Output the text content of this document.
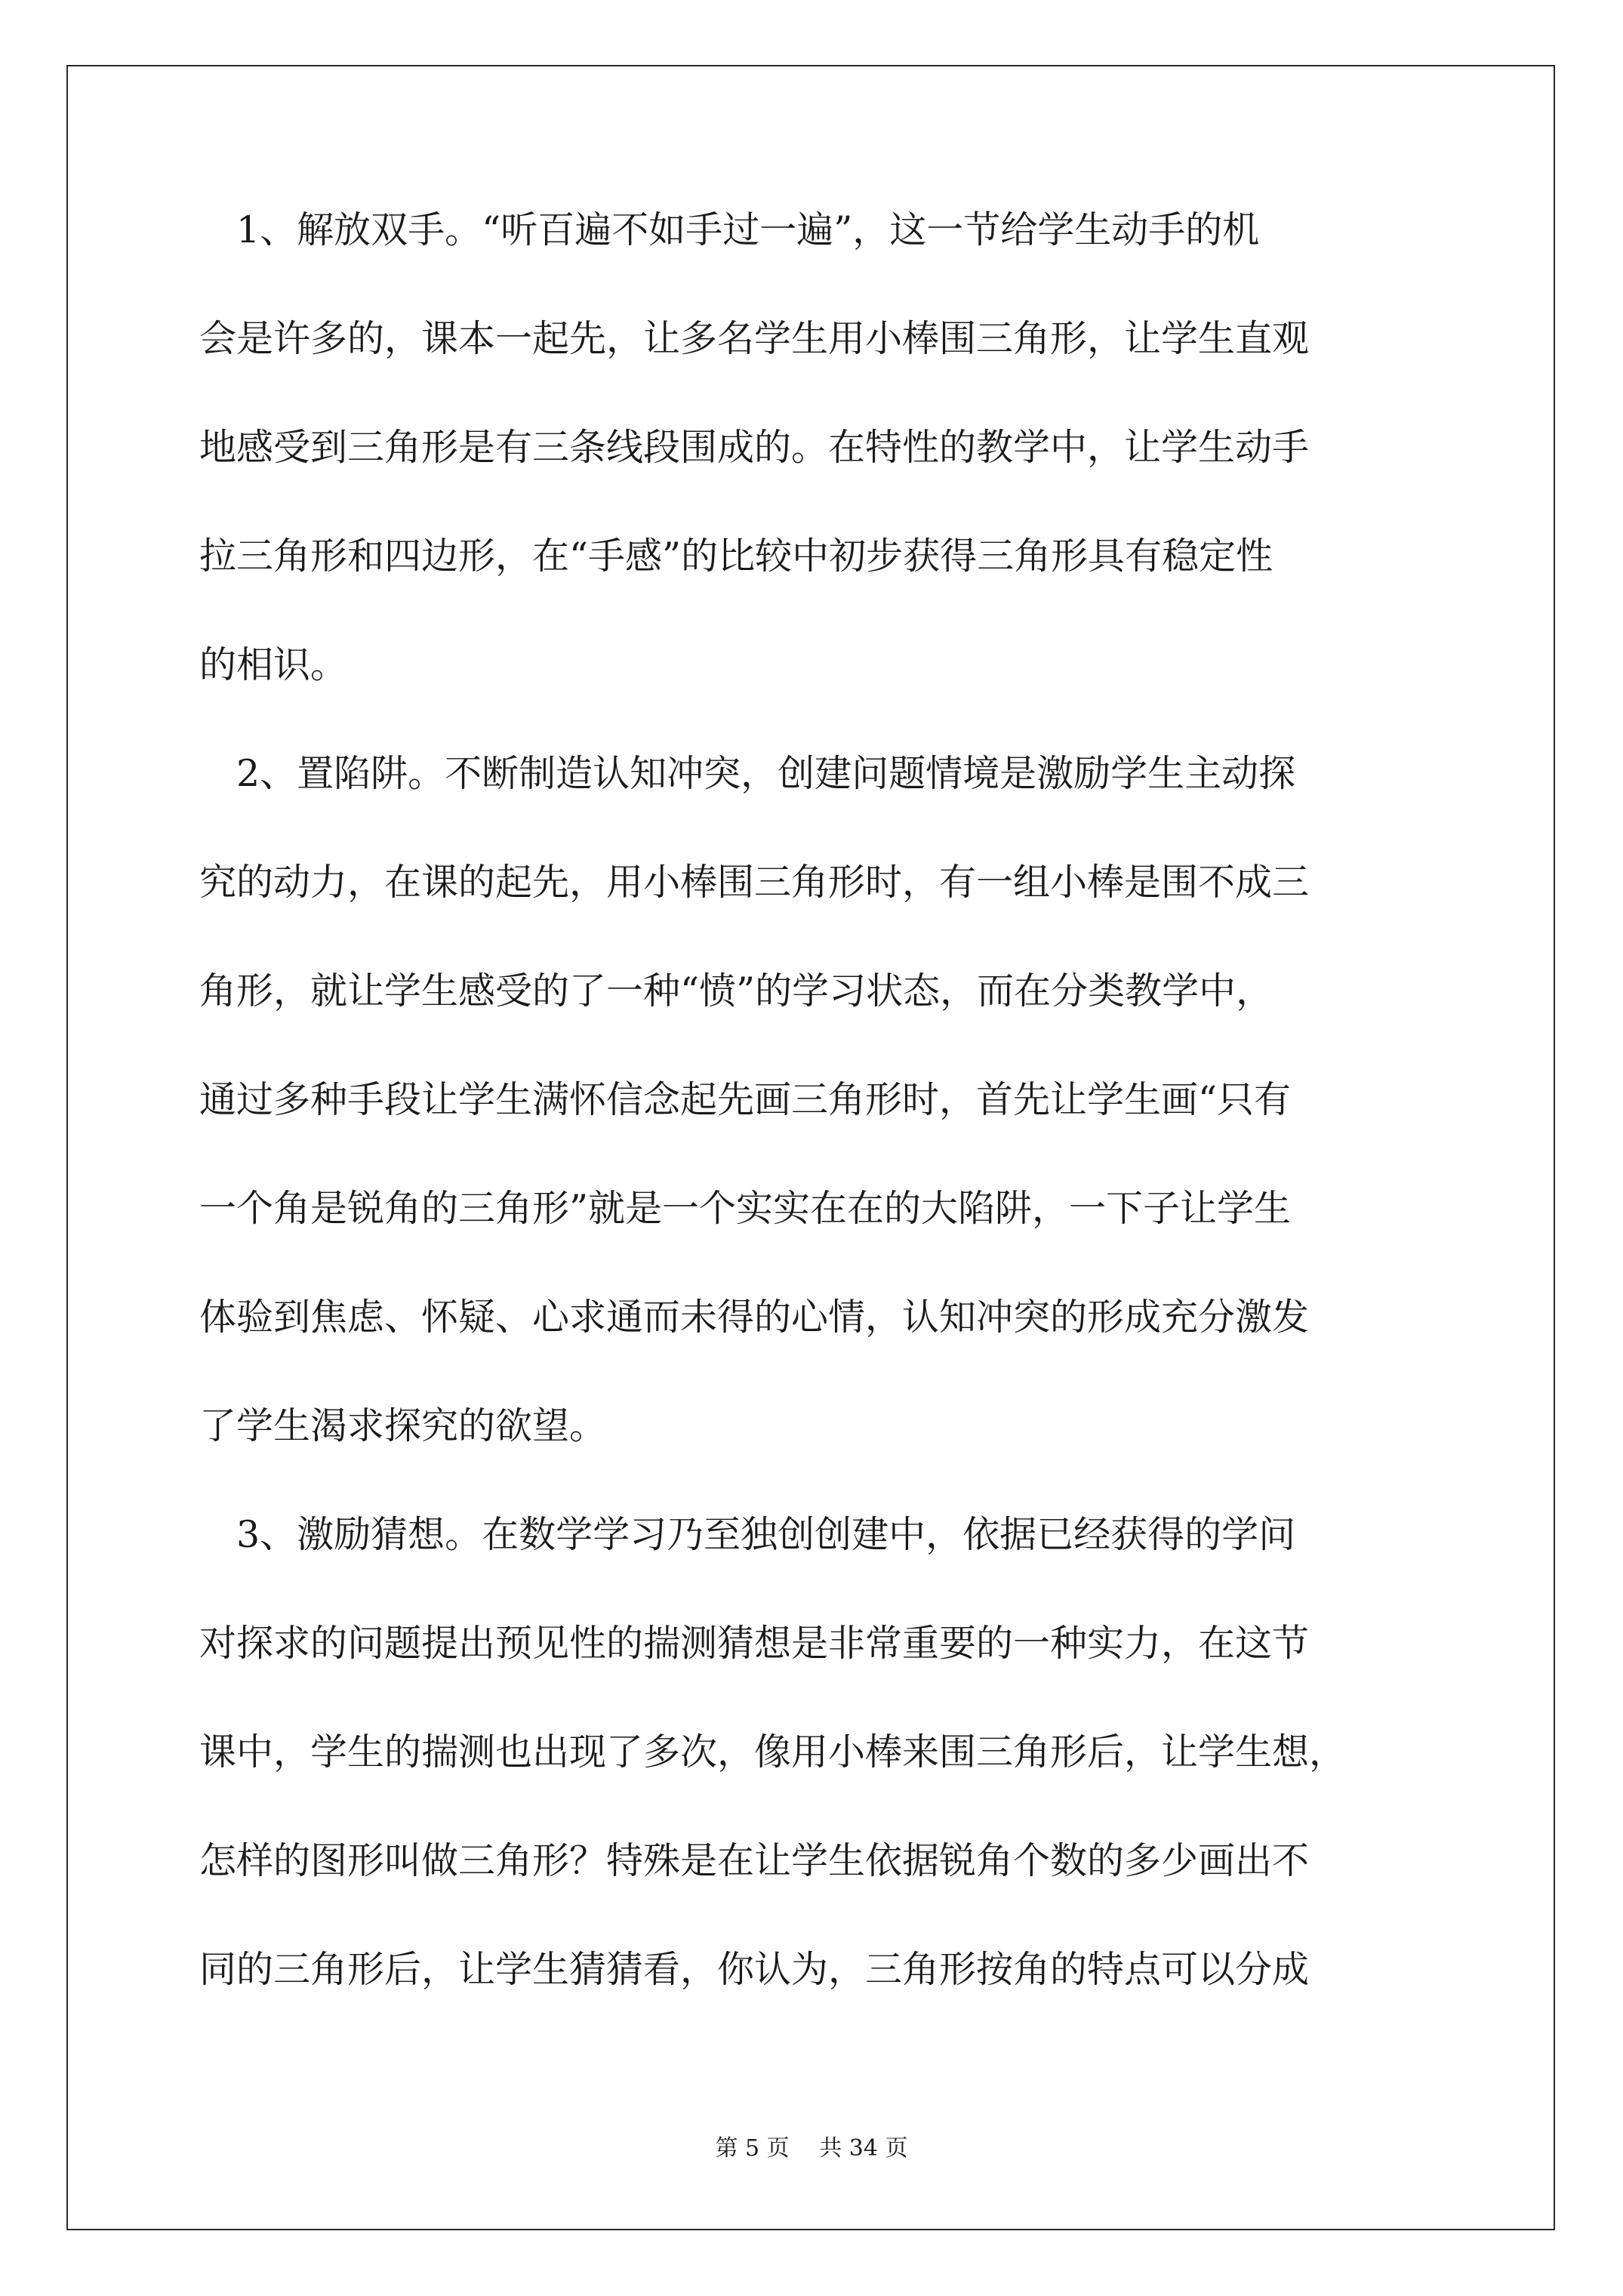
　1、解放双手。“听百遍不如手过一遍”，这一节给学生动手的机
会是许多的，课本一起先，让多名学生用小棒围三角形，让学生直观
地感受到三角形是有三条线段围成的。在特性的教学中，让学生动手
拉三角形和四边形，在“手感”的比较中初步获得三角形具有稳定性
的相识。
　2、置陷阱。不断制造认知冲突，创建问题情境是激励学生主动探
究的动力，在课的起先，用小棒围三角形时，有一组小棒是围不成三
角形，就让学生感受的了一种“愤”的学习状态，而在分类教学中，
通过多种手段让学生满怀信念起先画三角形时，首先让学生画“只有
一个角是锐角的三角形”就是一个实实在在的大陷阱，一下子让学生
体验到焦虑、怀疑、心求通而未得的心情，认知冲突的形成充分激发
了学生渴求探究的欲望。
　3、激励猜想。在数学学习乃至独创创建中，依据已经获得的学问
对探求的问题提出预见性的揣测猜想是非常重要的一种实力，在这节
课中，学生的揣测也出现了多次，像用小棒来围三角形后，让学生想，
怎样的图形叫做三角形？特殊是在让学生依据锐角个数的多少画出不
同的三角形后，让学生猜猜看，你认为，三角形按角的特点可以分成
第 5 页　 共 34 页
